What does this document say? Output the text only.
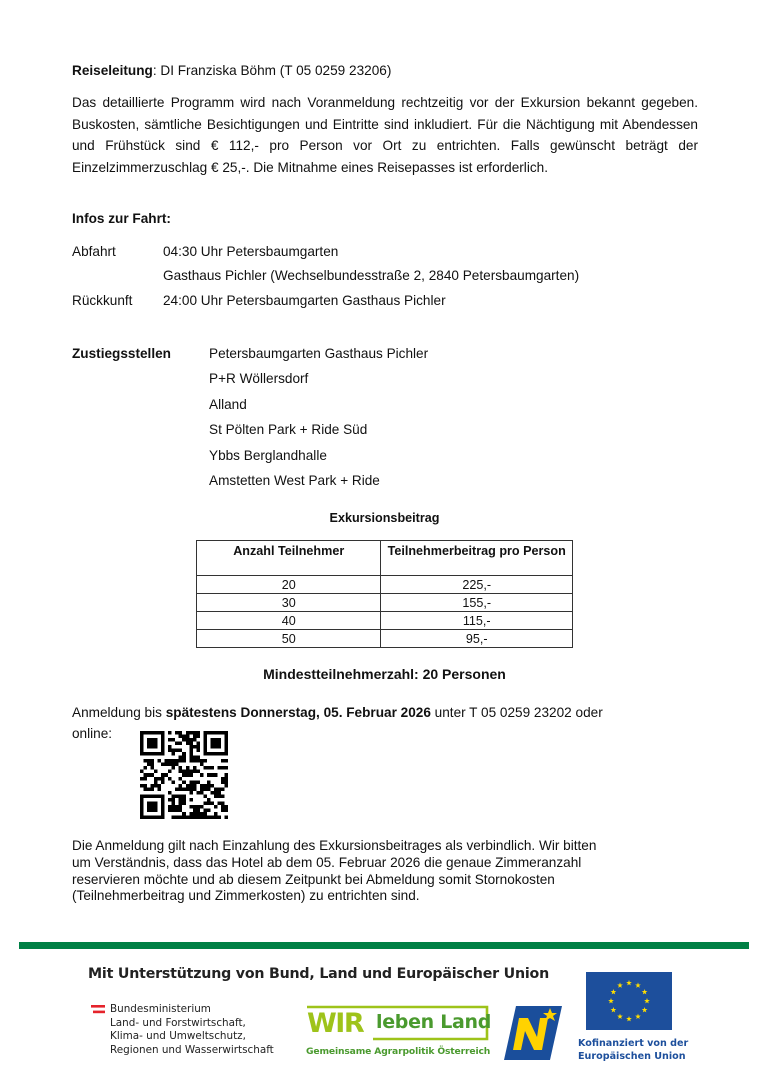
Reiseleitung: DI Franziska Böhm (T 05 0259 23206)
Das detaillierte Programm wird nach Voranmeldung rechtzeitig vor der Exkursion bekannt gegeben. Buskosten, sämtliche Besichtigungen und Eintritte sind inkludiert. Für die Nächtigung mit Abendessen und Frühstück sind € 112,- pro Person vor Ort zu entrichten. Falls gewünscht beträgt der Einzelzimmerzuschlag € 25,-. Die Mitnahme eines Reisepasses ist erforderlich.
Infos zur Fahrt:
Abfahrt	04:30 Uhr Petersbaumgarten
Gasthaus Pichler (Wechselbundesstraße 2, 2840 Petersbaumgarten)
Rückkunft 24:00 Uhr Petersbaumgarten Gasthaus Pichler
Zustiegsstellen	Petersbaumgarten Gasthaus Pichler
P+R Wöllersdorf
Alland
St Pölten Park + Ride Süd
Ybbs Berglandhalle
Amstetten West Park + Ride
Exkursionsbeitrag
Anzahl Teilnehmer	Teilnehmerbeitrag pro Person
20	225,-
30	155,-
40	115,-
50	95,-
Mindestteilnehmerzahl: 20 Personen
Anmeldung bis spätestens Donnerstag, 05. Februar 2026 unter T 05 0259 23202 oder
online:
Die Anmeldung gilt nach Einzahlung des Exkursionsbeitrages als verbindlich. Wir bitten
um Verständnis, dass das Hotel ab dem 05. Februar 2026 die genaue Zimmeranzahl
reservieren möchte und ab diesem Zeitpunkt bei Abmeldung somit Stornokosten
(Teilnehmerbeitrag und Zimmerkosten) zu entrichten sind.
Mit Unterstützung von Bund, Land und Europäischer Union
Bundesministerium
Land- und Forstwirtschaft,
Klima- und Umweltschutz,
Regionen und Wasserwirtschaft
WIR leben Land
Gemeinsame Agrarpolitik Österreich
N
Kofinanziert von der
Europäischen Union
